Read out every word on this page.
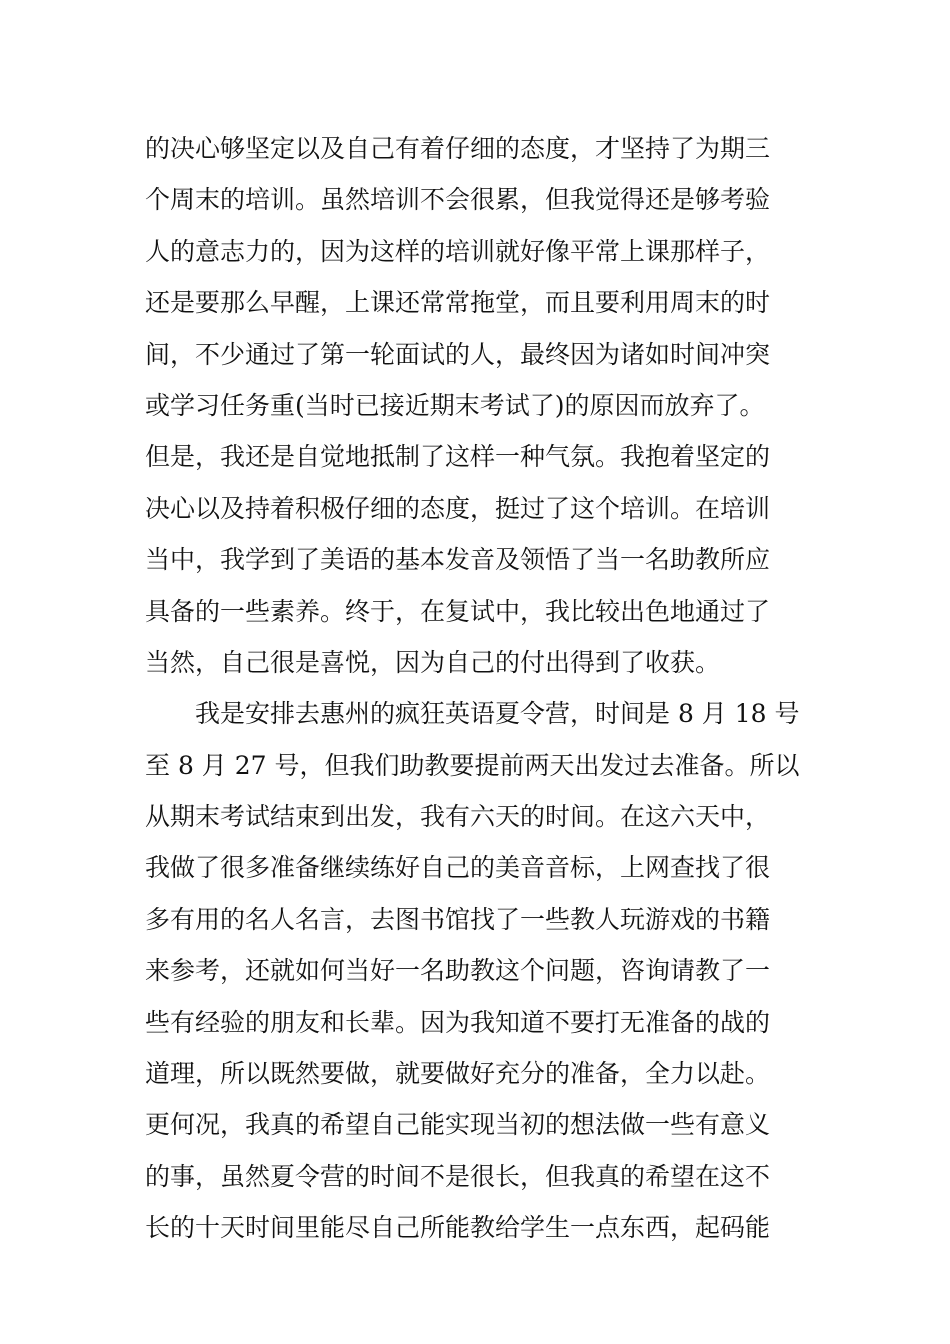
的决心够坚定以及自己有着仔细的态度，才坚持了为期三
个周末的培训。虽然培训不会很累，但我觉得还是够考验
人的意志力的，因为这样的培训就好像平常上课那样子，
还是要那么早醒，上课还常常拖堂，而且要利用周末的时
间，不少通过了第一轮面试的人，最终因为诸如时间冲突
或学习任务重(当时已接近期末考试了)的原因而放弃了。
但是，我还是自觉地抵制了这样一种气氛。我抱着坚定的
决心以及持着积极仔细的态度，挺过了这个培训。在培训
当中，我学到了美语的基本发音及领悟了当一名助教所应
具备的一些素养。终于，在复试中，我比较出色地通过了
当然，自己很是喜悦，因为自己的付出得到了收获。
我是安排去惠州的疯狂英语夏令营，时间是 8 月 18 号
至 8 月 27 号，但我们助教要提前两天出发过去准备。所以
从期末考试结束到出发，我有六天的时间。在这六天中，
我做了很多准备继续练好自己的美音音标，上网查找了很
多有用的名人名言，去图书馆找了一些教人玩游戏的书籍
来参考，还就如何当好一名助教这个问题，咨询请教了一
些有经验的朋友和长辈。因为我知道不要打无准备的战的
道理，所以既然要做，就要做好充分的准备，全力以赴。
更何况，我真的希望自己能实现当初的想法做一些有意义
的事，虽然夏令营的时间不是很长，但我真的希望在这不
长的十天时间里能尽自己所能教给学生一点东西，起码能
